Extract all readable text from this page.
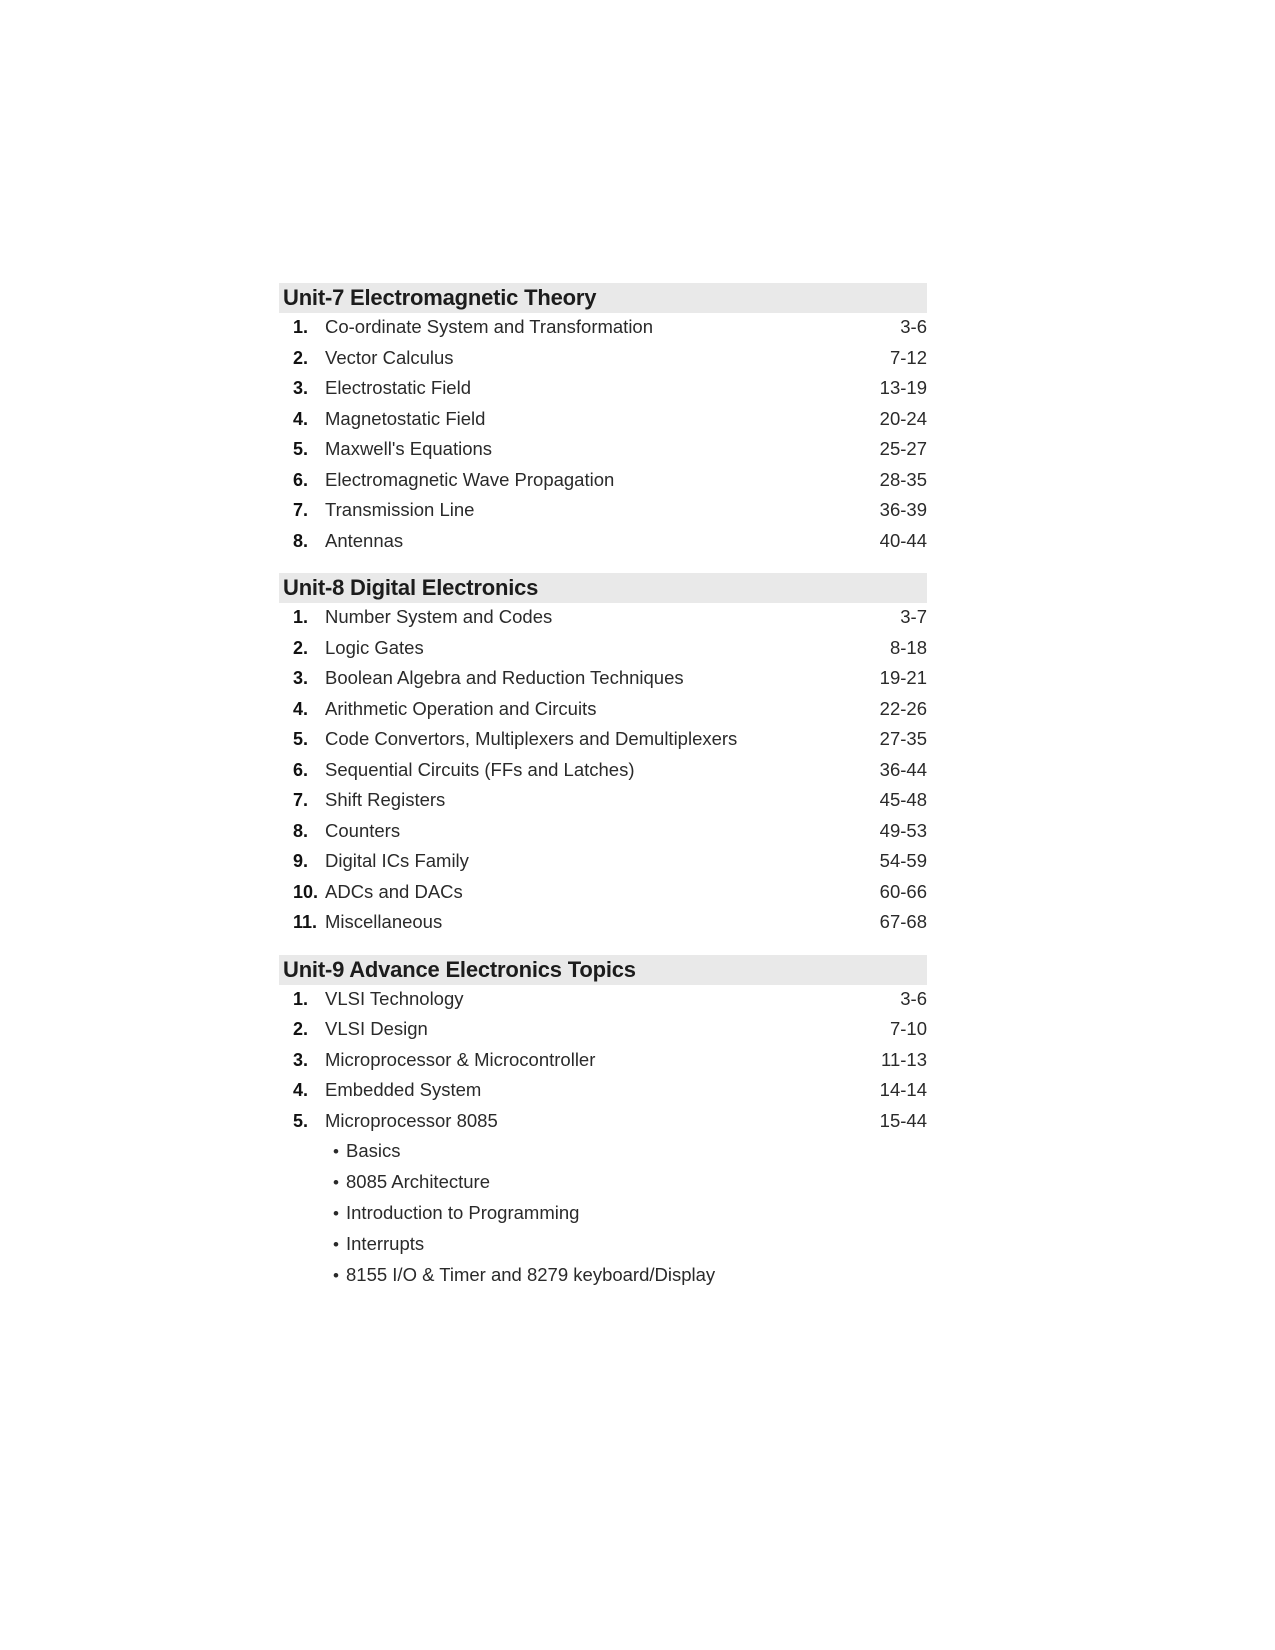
Unit-7 Electromagnetic Theory
1. Co-ordinate System and Transformation	3-6
2. Vector Calculus	7-12
3. Electrostatic Field	13-19
4. Magnetostatic Field	20-24
5. Maxwell's Equations	25-27
6. Electromagnetic Wave Propagation	28-35
7. Transmission Line	36-39
8. Antennas	40-44
Unit-8 Digital Electronics
1. Number System and Codes	3-7
2. Logic Gates	8-18
3. Boolean Algebra and Reduction Techniques	19-21
4. Arithmetic Operation and Circuits	22-26
5. Code Convertors, Multiplexers and Demultiplexers	27-35
6. Sequential Circuits (FFs and Latches)	36-44
7. Shift Registers	45-48
8. Counters	49-53
9. Digital ICs Family	54-59
10. ADCs and DACs	60-66
11. Miscellaneous	67-68
Unit-9 Advance Electronics Topics
1. VLSI Technology	3-6
2. VLSI Design	7-10
3. Microprocessor & Microcontroller	11-13
4. Embedded System	14-14
5. Microprocessor 8085	15-44
• Basics
• 8085 Architecture
• Introduction to Programming
• Interrupts
• 8155 I/O & Timer and 8279 keyboard/Display
